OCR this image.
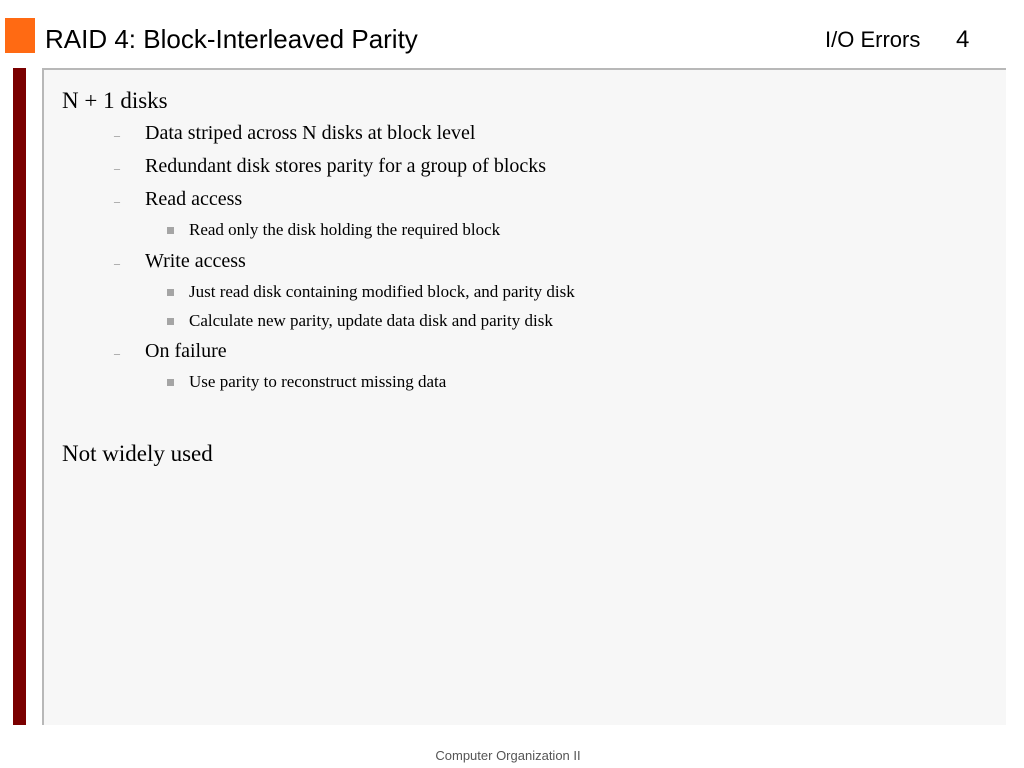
RAID 4: Block-Interleaved Parity	I/O Errors 4
N + 1 disks
– Data striped across N disks at block level
– Redundant disk stores parity for a group of blocks
– Read access
Read only the disk holding the required block
– Write access
Just read disk containing modified block, and parity disk
Calculate new parity, update data disk and parity disk
– On failure
Use parity to reconstruct missing data
Not widely used
Computer Organization II
